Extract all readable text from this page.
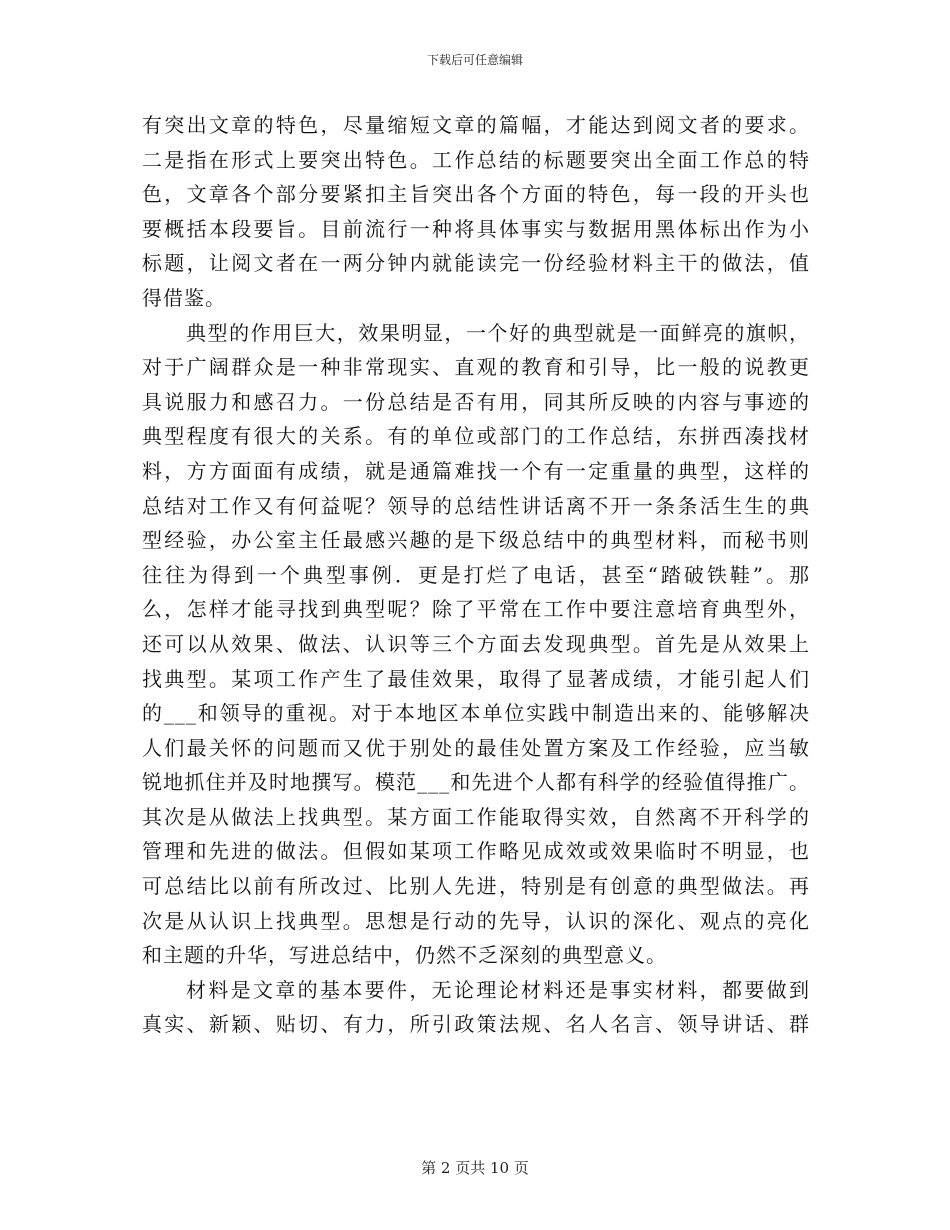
下载后可任意编辑

有突出文章的特色，尽量缩短文章的篇幅，才能达到阅文者的要求。
二是指在形式上要突出特色。工作总结的标题要突出全面工作总的特
色，文章各个部分要紧扣主旨突出各个方面的特色，每一段的开头也
要概括本段要旨。目前流行一种将具体事实与数据用黑体标出作为小
标题，让阅文者在一两分钟内就能读完一份经验材料主干的做法，值
得借鉴。

典型的作用巨大，效果明显，一个好的典型就是一面鲜亮的旗帜，
对于广阔群众是一种非常现实、直观的教育和引导，比一般的说教更
具说服力和感召力。一份总结是否有用，同其所反映的内容与事迹的
典型程度有很大的关系。有的单位或部门的工作总结，东拼西凑找材
料，方方面面有成绩，就是通篇难找一个有一定重量的典型，这样的
总结对工作又有何益呢？领导的总结性讲话离不开一条条活生生的典
型经验，办公室主任最感兴趣的是下级总结中的典型材料，而秘书则
往往为得到一个典型事例．更是打烂了电话，甚至“踏破铁鞋”。那
么，怎样才能寻找到典型呢？除了平常在工作中要注意培育典型外，
还可以从效果、做法、认识等三个方面去发现典型。首先是从效果上
找典型。某项工作产生了最佳效果，取得了显著成绩，才能引起人们
的___和领导的重视。对于本地区本单位实践中制造出来的、能够解决
人们最关怀的问题而又优于别处的最佳处置方案及工作经验，应当敏
锐地抓住并及时地撰写。模范___和先进个人都有科学的经验值得推广。
其次是从做法上找典型。某方面工作能取得实效，自然离不开科学的
管理和先进的做法。但假如某项工作略见成效或效果临时不明显，也
可总结比以前有所改过、比别人先进，特别是有创意的典型做法。再
次是从认识上找典型。思想是行动的先导，认识的深化、观点的亮化
和主题的升华，写进总结中，仍然不乏深刻的典型意义。

材料是文章的基本要件，无论理论材料还是事实材料，都要做到
真实、新颖、贴切、有力，所引政策法规、名人名言、领导讲话、群

第 2 页共 10 页
